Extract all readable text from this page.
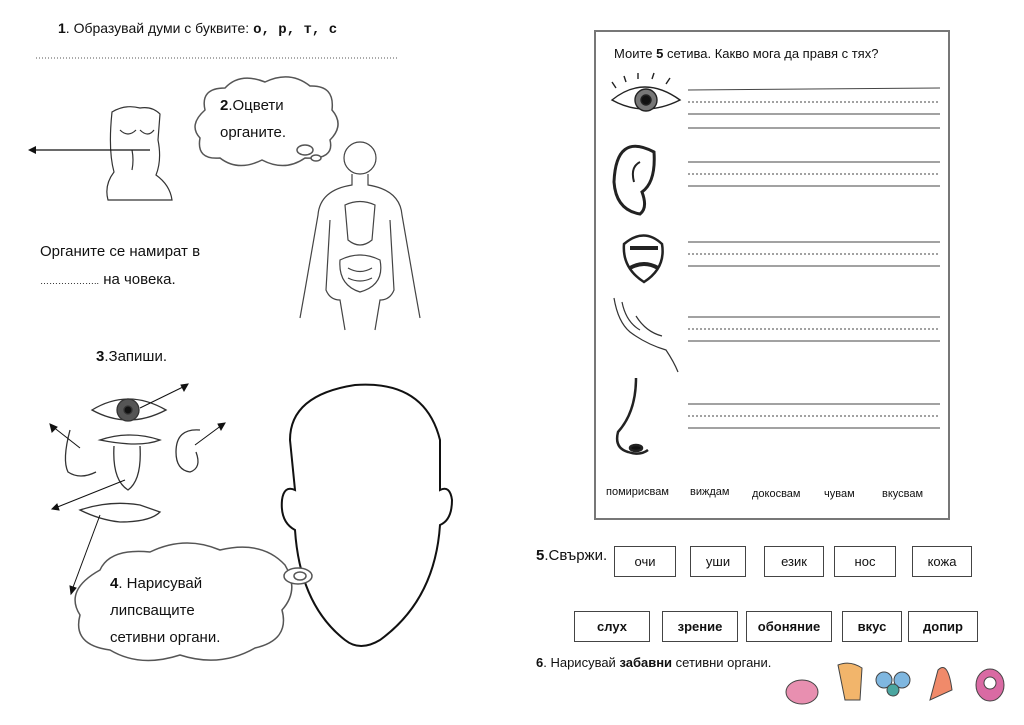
1. Образувай думи с буквите: о, р, т, с
2.Оцвети
органите.
Органите се намират в
……………….. на човека.
3.Запиши.
4. Нарисувай
липсващите
сетивни органи.
Моите 5 сетива. Какво мога да правя с тях?
помирисвам виждам докосвам чувам вкусвам
5.Свържи.	очи	уши	език	нос	кожа
слух	зрение	обоняние	вкус	допир
6. Нарисувай забавни сетивни органи.
